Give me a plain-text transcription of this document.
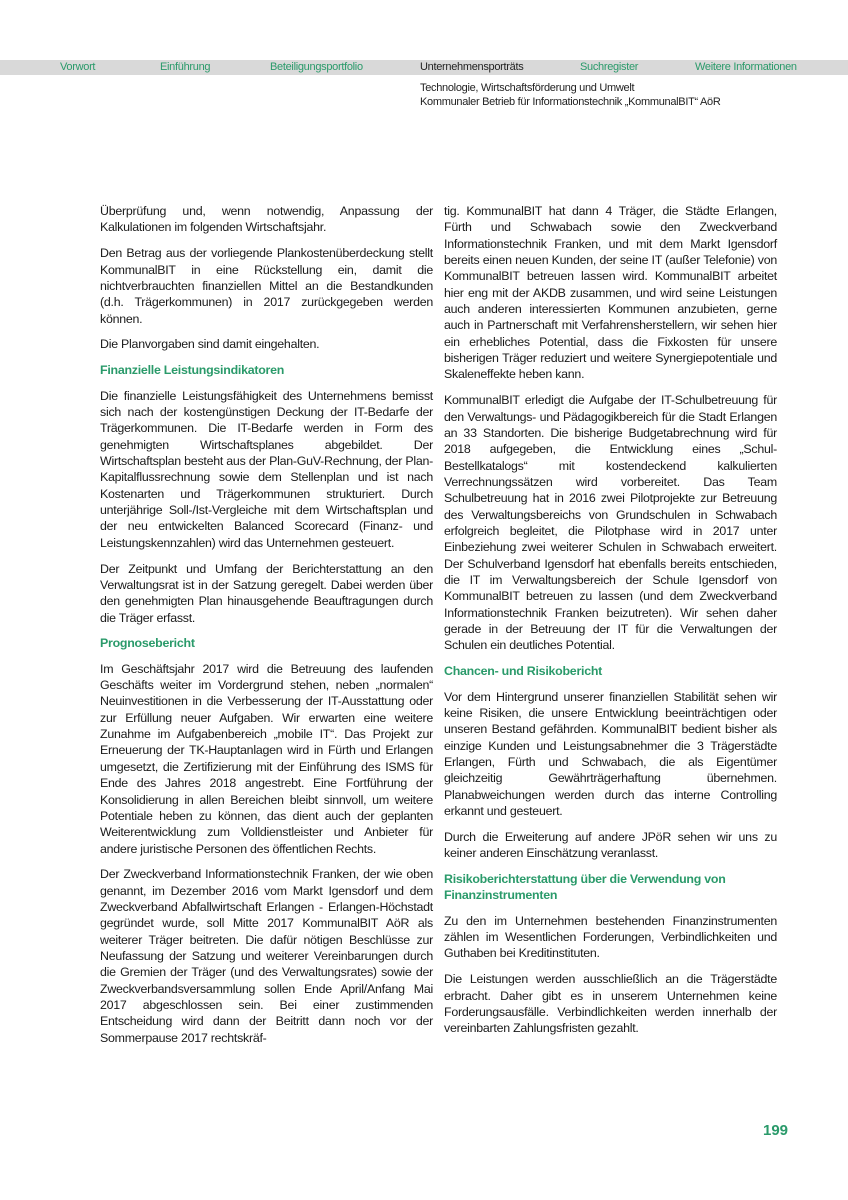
Vorwort	Einführung	Beteiligungsportfolio	Unternehmensporträts	Suchregister	Weitere Informationen
Technologie, Wirtschaftsförderung und Umwelt
Kommunaler Betrieb für Informationstechnik „KommunalBIT“ AöR

Überprüfung und, wenn notwendig, Anpassung der Kalkulationen im folgenden Wirtschaftsjahr.

Den Betrag aus der vorliegende Plankostenüberdeckung stellt KommunalBIT in eine Rückstellung ein, damit die nichtverbrauchten finanziellen Mittel an die Bestandkunden (d.h. Trägerkommunen) in 2017 zurückgegeben werden können.

Die Planvorgaben sind damit eingehalten.

Finanzielle Leistungsindikatoren

Die finanzielle Leistungsfähigkeit des Unternehmens bemisst sich nach der kostengünstigen Deckung der IT-Bedarfe der Trägerkommunen. Die IT-Bedarfe werden in Form des genehmigten Wirtschaftsplanes abgebildet. Der Wirtschaftsplan besteht aus der Plan-GuV-Rechnung, der Plan-Kapitalflussrechnung sowie dem Stellenplan und ist nach Kostenarten und Trägerkommunen strukturiert. Durch unterjährige Soll-/Ist-Vergleiche mit dem Wirtschaftsplan und der neu entwickelten Balanced Scorecard (Finanz- und Leistungskennzahlen) wird das Unternehmen gesteuert.

Der Zeitpunkt und Umfang der Berichterstattung an den Verwaltungsrat ist in der Satzung geregelt. Dabei werden über den genehmigten Plan hinausgehende Beauftragungen durch die Träger erfasst.

Prognosebericht

Im Geschäftsjahr 2017 wird die Betreuung des laufenden Geschäfts weiter im Vordergrund stehen, neben „normalen“ Neuinvestitionen in die Verbesserung der IT-Ausstattung oder zur Erfüllung neuer Aufgaben. Wir erwarten eine weitere Zunahme im Aufgabenbereich „mobile IT“. Das Projekt zur Erneuerung der TK-Hauptanlagen wird in Fürth und Erlangen umgesetzt, die Zertifizierung mit der Einführung des ISMS für Ende des Jahres 2018 angestrebt. Eine Fortführung der Konsolidierung in allen Bereichen bleibt sinnvoll, um weitere Potentiale heben zu können, das dient auch der geplanten Weiterentwicklung zum Volldienstleister und Anbieter für andere juristische Personen des öffentlichen Rechts.

Der Zweckverband Informationstechnik Franken, der wie oben genannt, im Dezember 2016 vom Markt Igensdorf und dem Zweckverband Abfallwirtschaft Erlangen - Erlangen-Höchstadt gegründet wurde, soll Mitte 2017 KommunalBIT AöR als weiterer Träger beitreten. Die dafür nötigen Beschlüsse zur Neufassung der Satzung und weiterer Vereinbarungen durch die Gremien der Träger (und des Verwaltungsrates) sowie der Zweckverbandsversammlung sollen Ende April/Anfang Mai 2017 abgeschlossen sein. Bei einer zustimmenden Entscheidung wird dann der Beitritt dann noch vor der Sommerpause 2017 rechtskräf-

tig. KommunalBIT hat dann 4 Träger, die Städte Erlangen, Fürth und Schwabach sowie den Zweckverband Informationstechnik Franken, und mit dem Markt Igensdorf bereits einen neuen Kunden, der seine IT (außer Telefonie) von KommunalBIT betreuen lassen wird. KommunalBIT arbeitet hier eng mit der AKDB zusammen, und wird seine Leistungen auch anderen interessierten Kommunen anzubieten, gerne auch in Partnerschaft mit Verfahrensherstellern, wir sehen hier ein erhebliches Potential, dass die Fixkosten für unsere bisherigen Träger reduziert und weitere Synergiepotentiale und Skaleneffekte heben kann.

KommunalBIT erledigt die Aufgabe der IT-Schulbetreuung für den Verwaltungs- und Pädagogikbereich für die Stadt Erlangen an 33 Standorten. Die bisherige Budgetabrechnung wird für 2018 aufgegeben, die Entwicklung eines „Schul-Bestellkatalogs“ mit kostendeckend kalkulierten Verrechnungssätzen wird vorbereitet. Das Team Schulbetreuung hat in 2016 zwei Pilotprojekte zur Betreuung des Verwaltungsbereichs von Grundschulen in Schwabach erfolgreich begleitet, die Pilotphase wird in 2017 unter Einbeziehung zwei weiterer Schulen in Schwabach erweitert. Der Schulverband Igensdorf hat ebenfalls bereits entschieden, die IT im Verwaltungsbereich der Schule Igensdorf von KommunalBIT betreuen zu lassen (und dem Zweckverband Informationstechnik Franken beizutreten). Wir sehen daher gerade in der Betreuung der IT für die Verwaltungen der Schulen ein deutliches Potential.

Chancen- und Risikobericht

Vor dem Hintergrund unserer finanziellen Stabilität sehen wir keine Risiken, die unsere Entwicklung beeinträchtigen oder unseren Bestand gefährden. KommunalBIT bedient bisher als einzige Kunden und Leistungsabnehmer die 3 Trägerstädte Erlangen, Fürth und Schwabach, die als Eigentümer gleichzeitig Gewährträgerhaftung übernehmen. Planabweichungen werden durch das interne Controlling erkannt und gesteuert.

Durch die Erweiterung auf andere JPöR sehen wir uns zu keiner anderen Einschätzung veranlasst.

Risikoberichterstattung über die Verwendung von Finanzinstrumenten

Zu den im Unternehmen bestehenden Finanzinstrumenten zählen im Wesentlichen Forderungen, Verbindlichkeiten und Guthaben bei Kreditinstituten.

Die Leistungen werden ausschließlich an die Trägerstädte erbracht. Daher gibt es in unserem Unternehmen keine Forderungsausfälle. Verbindlichkeiten werden innerhalb der vereinbarten Zahlungsfristen gezahlt.

199
